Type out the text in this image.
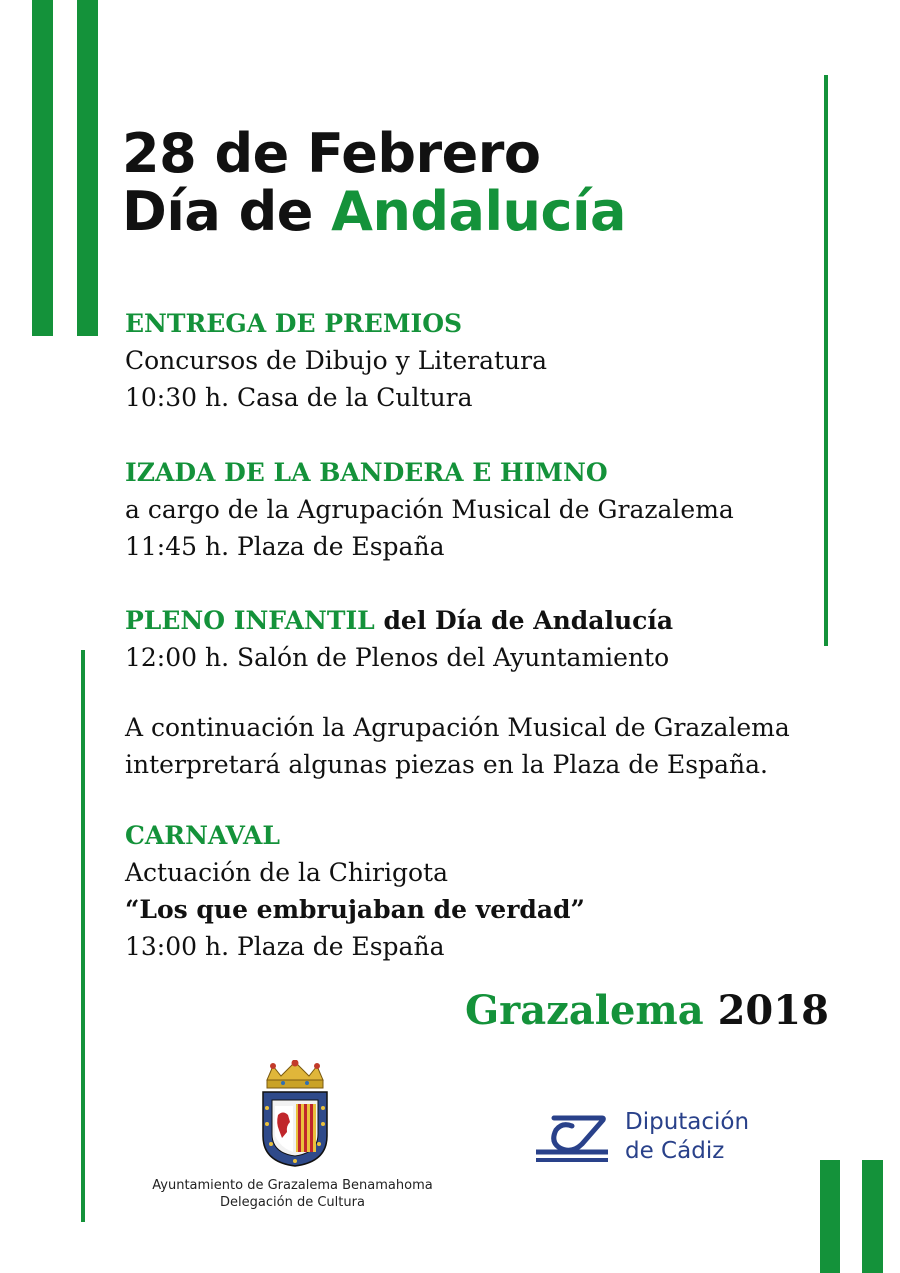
28 de Febrero
Día de Andalucía
ENTREGA DE PREMIOS
Concursos de Dibujo y Literatura
10:30 h. Casa de la Cultura
IZADA DE LA BANDERA E HIMNO
a cargo de la Agrupación Musical de Grazalema
11:45 h. Plaza de España
PLENO INFANTIL del Día de Andalucía
12:00 h. Salón de Plenos del Ayuntamiento
A continuación la Agrupación Musical de Grazalema
interpretará algunas piezas en la Plaza de España.
CARNAVAL
Actuación de la Chirigota
“Los que embrujaban de verdad”
13:00 h. Plaza de España
Grazalema 2018
Ayuntamiento de Grazalema Benamahoma
Delegación de Cultura
Diputación
de Cádiz
